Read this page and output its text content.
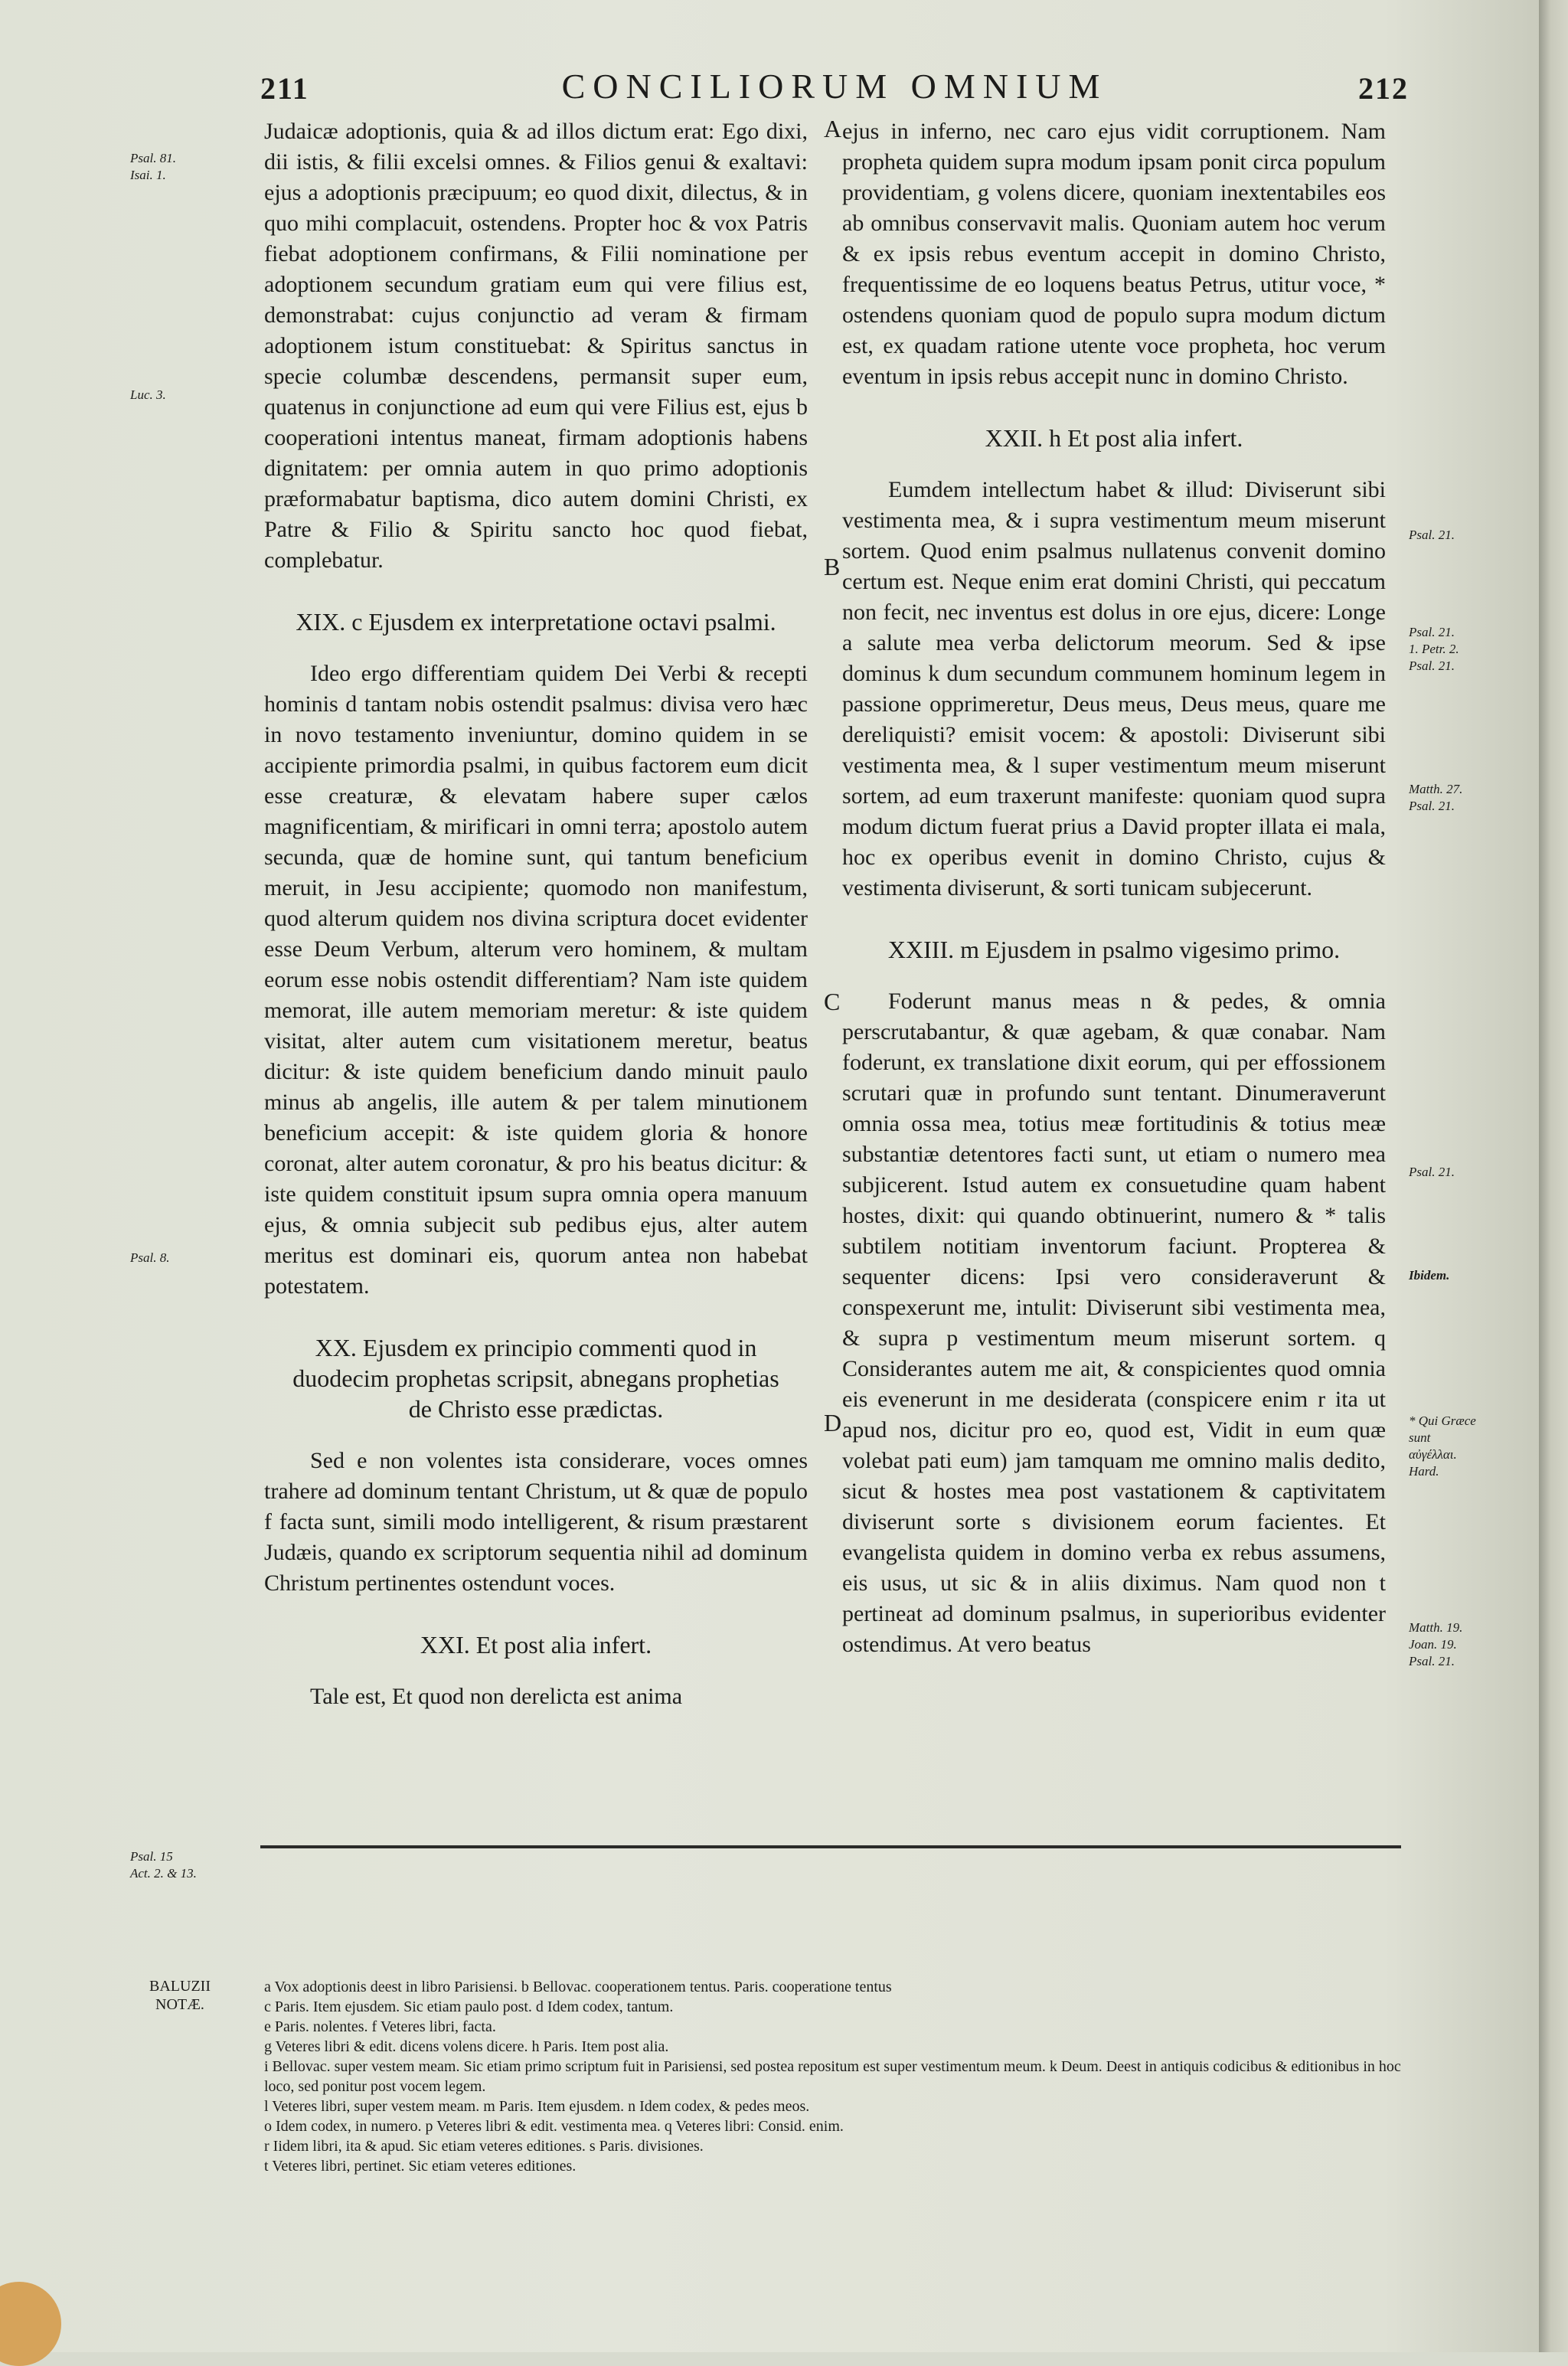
211	CONCILIORUM OMNIUM	212

Judaicæ adoptionis, quia & ad illos dictum erat: Ego dixi, dii istis, & filii excelsi omnes. & Filios genui & exaltavi: ejus a adoptionis præcipuum; eo quod dixit, dilectus, & in quo mihi complacuit, ostendens. Propter hoc & vox Patris fiebat adoptionem confirmans, & Filii nominatione per adoptionem secundum gratiam eum qui vere filius est, demonstrabat: cujus conjunctio ad veram & firmam adoptionem istum constituebat: & Spiritus sanctus in specie columbæ descendens, permansit super eum, quatenus in conjunctione ad eum qui vere Filius est, ejus b cooperationi intentus maneat, firmam adoptionis habens dignitatem: per omnia autem in quo primo adoptionis præformabatur baptisma, dico autem domini Christi, ex Patre & Filio & Spiritu sancto hoc quod fiebat, complebatur.

XIX. c Ejusdem ex interpretatione octavi psalmi.

Ideo ergo differentiam quidem Dei Verbi & recepti hominis d tantam nobis ostendit psalmus: divisa vero hæc in novo testamento inveniuntur, domino quidem in se accipiente primordia psalmi, in quibus factorem eum dicit esse creaturæ, & elevatam habere super cælos magnificentiam, & mirificari in omni terra; apostolo autem secunda, quæ de homine sunt, qui tantum beneficium meruit, in Jesu accipiente; quomodo non manifestum, quod alterum quidem nos divina scriptura docet evidenter esse Deum Verbum, alterum vero hominem, & multam eorum esse nobis ostendit differentiam? Nam iste quidem memorat, ille autem memoriam meretur: & iste quidem visitat, alter autem cum visitationem meretur, beatus dicitur: & iste quidem beneficium dando minuit paulo minus ab angelis, ille autem & per talem minutionem beneficium accepit: & iste quidem gloria & honore coronat, alter autem coronatur, & pro his beatus dicitur: & iste quidem constituit ipsum supra omnia opera manuum ejus, & omnia subjecit sub pedibus ejus, alter autem meritus est dominari eis, quorum antea non habebat potestatem.

XX. Ejusdem ex principio commenti quod in duodecim prophetas scripsit, abnegans prophetias de Christo esse prædictas.

Sed e non volentes ista considerare, voces omnes trahere ad dominum tentant Christum, ut & quæ de populo f facta sunt, simili modo intelligerent, & risum præstarent Judæis, quando ex scriptorum sequentia nihil ad dominum Christum pertinentes ostendunt voces.

XXI. Et post alia infert.

Tale est, Et quod non derelicta est anima

ejus in inferno, nec caro ejus vidit corruptionem. Nam propheta quidem supra modum ipsam ponit circa populum providentiam, g volens dicere, quoniam inextentabiles eos ab omnibus conservavit malis. Quoniam autem hoc verum & ex ipsis rebus eventum accepit in domino Christo, frequentissime de eo loquens beatus Petrus, utitur voce, * ostendens quoniam quod de populo supra modum dictum est, ex quadam ratione utente voce propheta, hoc verum eventum in ipsis rebus accepit nunc in domino Christo.

XXII. h Et post alia infert.

Eumdem intellectum habet & illud: Diviserunt sibi vestimenta mea, & i supra vestimentum meum miserunt sortem. Quod enim psalmus nullatenus convenit domino certum est. Neque enim erat domini Christi, qui peccatum non fecit, nec inventus est dolus in ore ejus, dicere: Longe a salute mea verba delictorum meorum. Sed & ipse dominus k dum secundum communem hominum legem in passione opprimeretur, Deus meus, Deus meus, quare me dereliquisti? emisit vocem: & apostoli: Diviserunt sibi vestimenta mea, & l super vestimentum meum miserunt sortem, ad eum traxerunt manifeste: quoniam quod supra modum dictum fuerat prius a David propter illata ei mala, hoc ex operibus evenit in domino Christo, cujus & vestimenta diviserunt, & sorti tunicam subjecerunt.

XXIII. m Ejusdem in psalmo vigesimo primo.

Foderunt manus meas n & pedes, & omnia perscrutabantur, & quæ agebam, & quæ conabar. Nam foderunt, ex translatione dixit eorum, qui per effossionem scrutari quæ in profundo sunt tentant. Dinumeraverunt omnia ossa mea, totius meæ fortitudinis & totius meæ substantiæ detentores facti sunt, ut etiam o numero mea subjicerent. Istud autem ex consuetudine quam habent hostes, dixit: qui quando obtinuerint, numero & * talis subtilem notitiam inventorum faciunt. Propterea & sequenter dicens: Ipsi vero consideraverunt & conspexerunt me, intulit: Diviserunt sibi vestimenta mea, & supra p vestimentum meum miserunt sortem. q Considerantes autem me ait, & conspicientes quod omnia eis evenerunt in me desiderata (conspicere enim r ita ut apud nos, dicitur pro eo, quod est, Vidit in eum quæ volebat pati eum) jam tamquam me omnino malis dedito, sicut & hostes mea post vastationem & captivitatem diviserunt sorte s divisionem eorum facientes. Et evangelista quidem in domino verba ex rebus assumens, eis usus, ut sic & in aliis diximus. Nam quod non t pertineat ad dominum psalmus, in superioribus evidenter ostendimus. At vero beatus

Psal. 81.
Isai. 1.
Luc. 3.
Psal. 8.
Psal. 15
Act. 2. & 13.
Psal. 21.
Psal. 21.
1. Petr. 2.
Psal. 21.
Matth. 27.
Psal. 21.
Psal. 21.
Ibidem.
* Qui Græce
sunt
αὐγέλλαι.
Hard.
Matth. 19.
Joan. 19.
Psal. 21.
A
B
C
D
BALUZII
NOTÆ.
a Vox adoptionis deest in libro Parisiensi. b Bellovac. cooperationem tentus. Paris. cooperatione tentus
c Paris. Item ejusdem. Sic etiam paulo post. d Idem codex, tantum.
e Paris. nolentes. f Veteres libri, facta.
g Veteres libri & edit. dicens volens dicere. h Paris. Item post alia.
i Bellovac. super vestem meam. Sic etiam primo scriptum fuit in Parisiensi, sed postea repositum est super vestimentum meum. k Deum. Deest in antiquis codicibus & editionibus in hoc loco, sed ponitur post vocem legem.
l Veteres libri, super vestem meam. m Paris. Item ejusdem. n Idem codex, & pedes meos.
o Idem codex, in numero. p Veteres libri & edit. vestimenta mea. q Veteres libri: Consid. enim.
r Iidem libri, ita & apud. Sic etiam veteres editiones. s Paris. divisiones.
t Veteres libri, pertinet. Sic etiam veteres editiones.
